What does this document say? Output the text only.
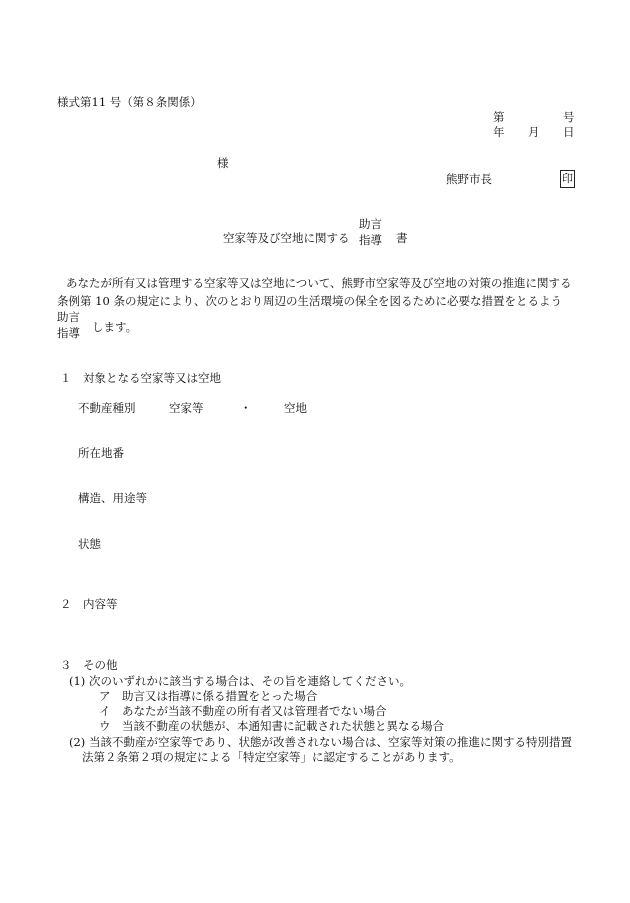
様式第11 号（第８条関係）
第	号
年 月 日
様
熊野市長	印
助言
空家等及び空地に関する 指導 書
あなたが所有又は管理する空家等又は空地について、熊野市空家等及び空地の対策の推進に関する
条例第 10 条の規定により、次のとおり周辺の生活環境の保全を図るために必要な措置をとるよう
助言
指導 します。
１　対象となる空家等又は空地
不動産種別	空家等	・	空地
所在地番
構造、用途等
状態
２　内容等
３　その他
(1) 次のいずれかに該当する場合は、その旨を連絡してください。
ア　助言又は指導に係る措置をとった場合
イ　あなたが当該不動産の所有者又は管理者でない場合
ウ　当該不動産の状態が、本通知書に記載された状態と異なる場合
(2) 当該不動産が空家等であり、状態が改善されない場合は、空家等対策の推進に関する特別措置
法第２条第２項の規定による「特定空家等」に認定することがあります。
